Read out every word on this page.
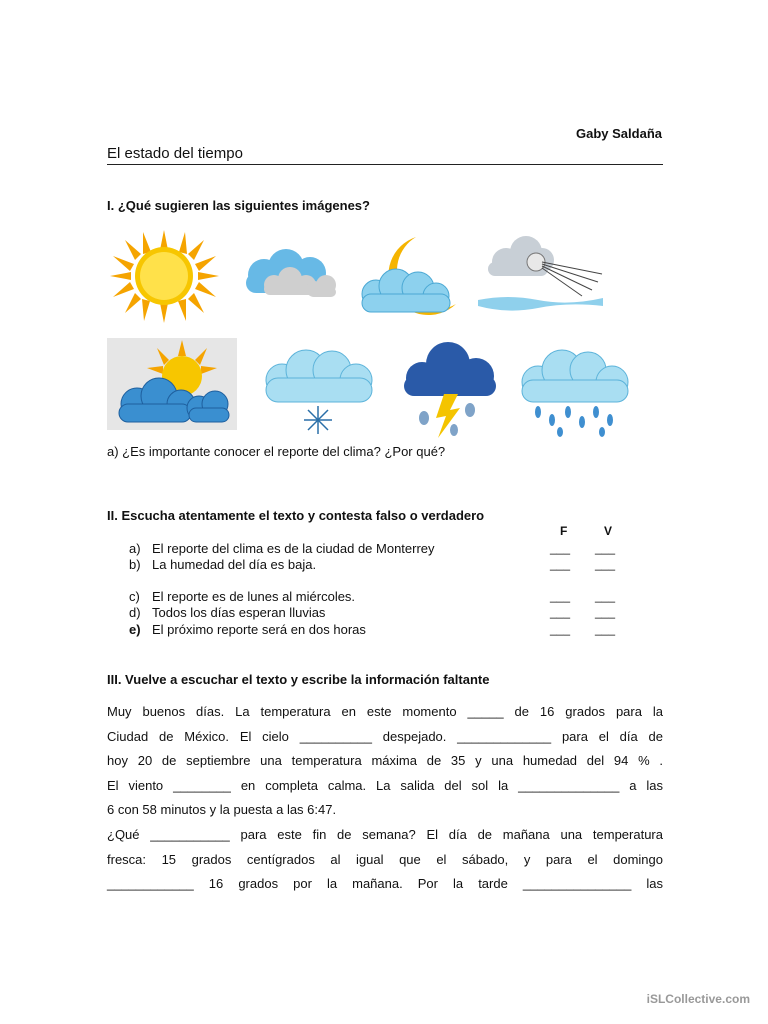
Gaby Saldaña
El estado del tiempo
I. ¿Qué sugieren las siguientes imágenes?
a) ¿Es importante conocer el reporte del clima? ¿Por qué?
II. Escucha atentamente el texto y contesta falso o verdadero
F	V
a) El reporte del clima es de la ciudad de Monterrey	___ ___
b) La humedad del día es baja.	___ ___
c) El reporte es de lunes al miércoles.	___ ___
d) Todos los días esperan lluvias	___ ___
e) El próximo reporte será en dos horas	___ ___
III. Vuelve a escuchar el texto y escribe la información faltante
Muy buenos días. La temperatura en este momento _____ de 16 grados para la
Ciudad de México. El cielo __________ despejado. _____________ para el día de
hoy 20 de septiembre una temperatura máxima de 35 y una humedad del 94 % .
El viento ________ en completa calma. La salida del sol la ______________ a las
6 con 58 minutos y la puesta a las 6:47.
¿Qué ___________ para este fin de semana? El día de mañana una temperatura
fresca: 15 grados centígrados al igual que el sábado, y para el domingo
____________ 16 grados por la mañana. Por la tarde _______________ las
iSLCollective.com
